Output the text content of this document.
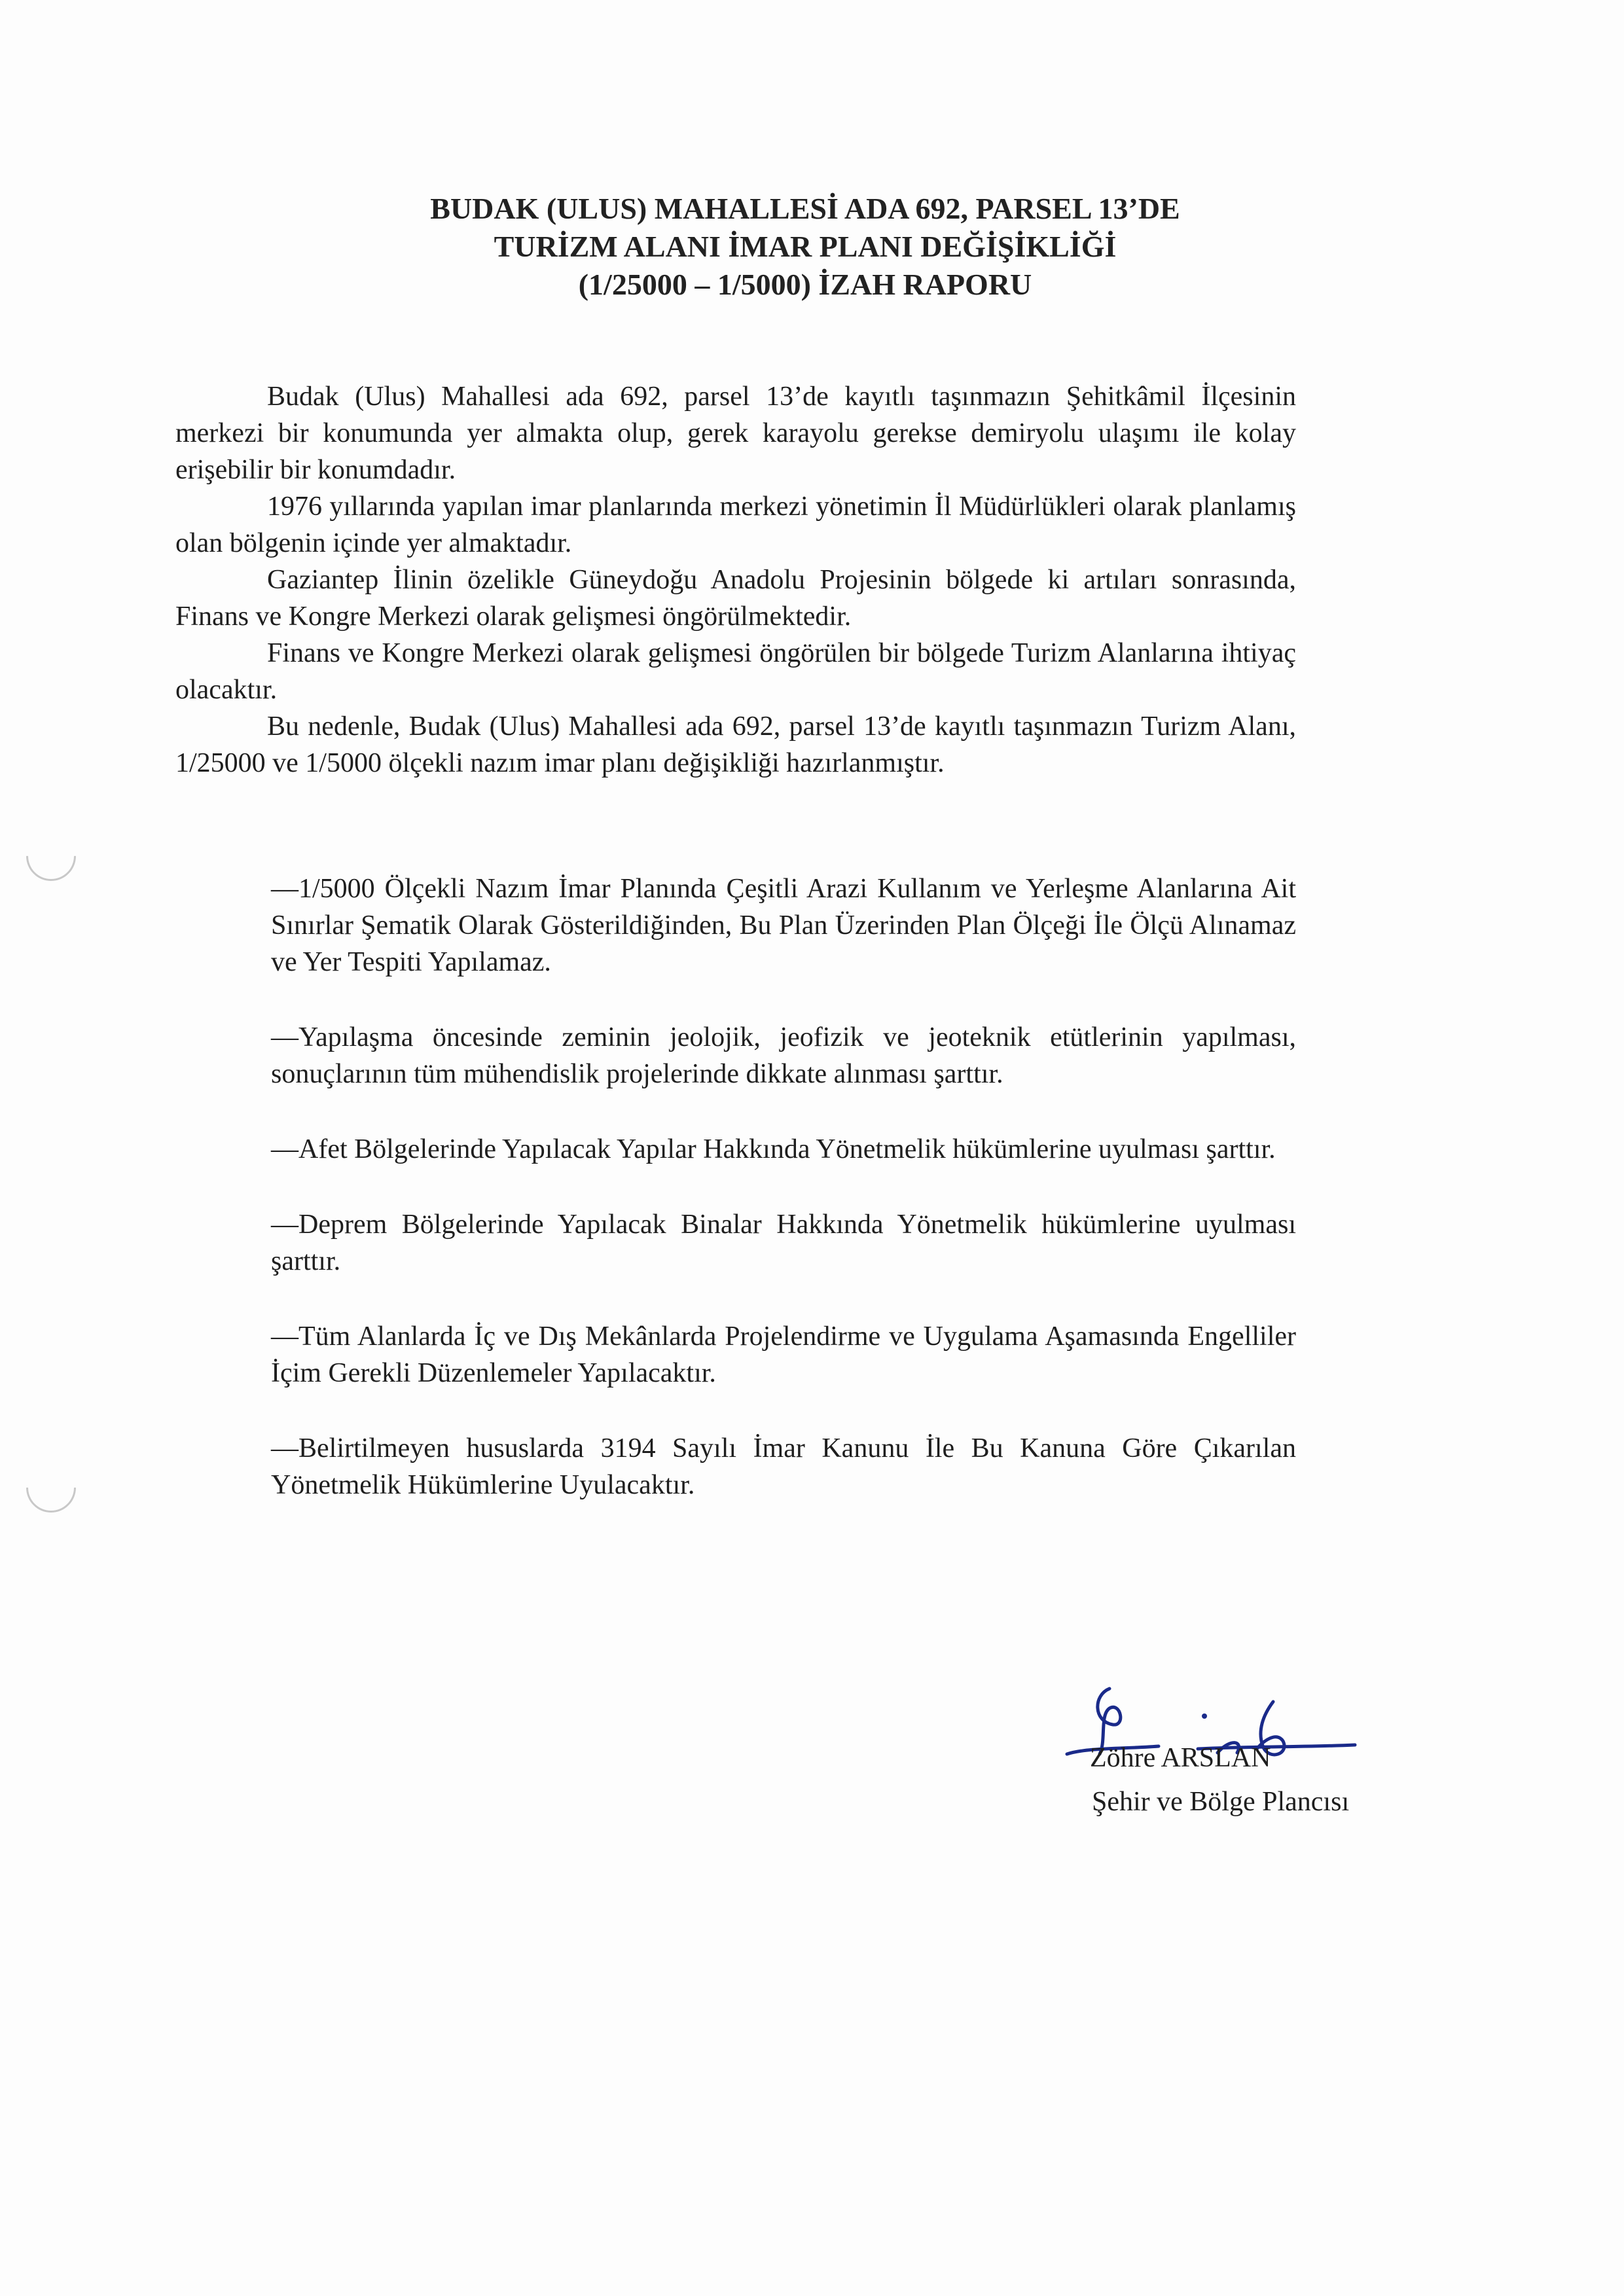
BUDAK (ULUS) MAHALLESİ ADA 692, PARSEL 13’DE
TURİZM ALANI İMAR PLANI DEĞİŞİKLİĞİ
(1/25000 – 1/5000) İZAH RAPORU

Budak (Ulus) Mahallesi ada 692, parsel 13’de kayıtlı taşınmazın Şehitkâmil İlçesinin merkezi bir konumunda yer almakta olup, gerek karayolu gerekse demiryolu ulaşımı ile kolay erişebilir bir konumdadır.

1976 yıllarında yapılan imar planlarında merkezi yönetimin İl Müdürlükleri olarak planlamış olan bölgenin içinde yer almaktadır.

Gaziantep İlinin özelikle Güneydoğu Anadolu Projesinin bölgede ki artıları sonrasında, Finans ve Kongre Merkezi olarak gelişmesi öngörülmektedir.

Finans ve Kongre Merkezi olarak gelişmesi öngörülen bir bölgede Turizm Alanlarına ihtiyaç olacaktır.

Bu nedenle, Budak (Ulus) Mahallesi ada 692, parsel 13’de kayıtlı taşınmazın Turizm Alanı, 1/25000 ve 1/5000 ölçekli nazım imar planı değişikliği hazırlanmıştır.

—1/5000 Ölçekli Nazım İmar Planında Çeşitli Arazi Kullanım ve Yerleşme Alanlarına Ait Sınırlar Şematik Olarak Gösterildiğinden, Bu Plan Üzerinden Plan Ölçeği İle Ölçü Alınamaz ve Yer Tespiti Yapılamaz.

—Yapılaşma öncesinde zeminin jeolojik, jeofizik ve jeoteknik etütlerinin yapılması, sonuçlarının tüm mühendislik projelerinde dikkate alınması şarttır.

—Afet Bölgelerinde Yapılacak Yapılar Hakkında Yönetmelik hükümlerine uyulması şarttır.

—Deprem Bölgelerinde Yapılacak Binalar Hakkında Yönetmelik hükümlerine uyulması şarttır.

—Tüm Alanlarda İç ve Dış Mekânlarda Projelendirme ve Uygulama Aşamasında Engelliler İçim Gerekli Düzenlemeler Yapılacaktır.

—Belirtilmeyen hususlarda 3194 Sayılı İmar Kanunu İle Bu Kanuna Göre Çıkarılan Yönetmelik Hükümlerine Uyulacaktır.

Zöhre ARSLAN
Şehir ve Bölge Plancısı
